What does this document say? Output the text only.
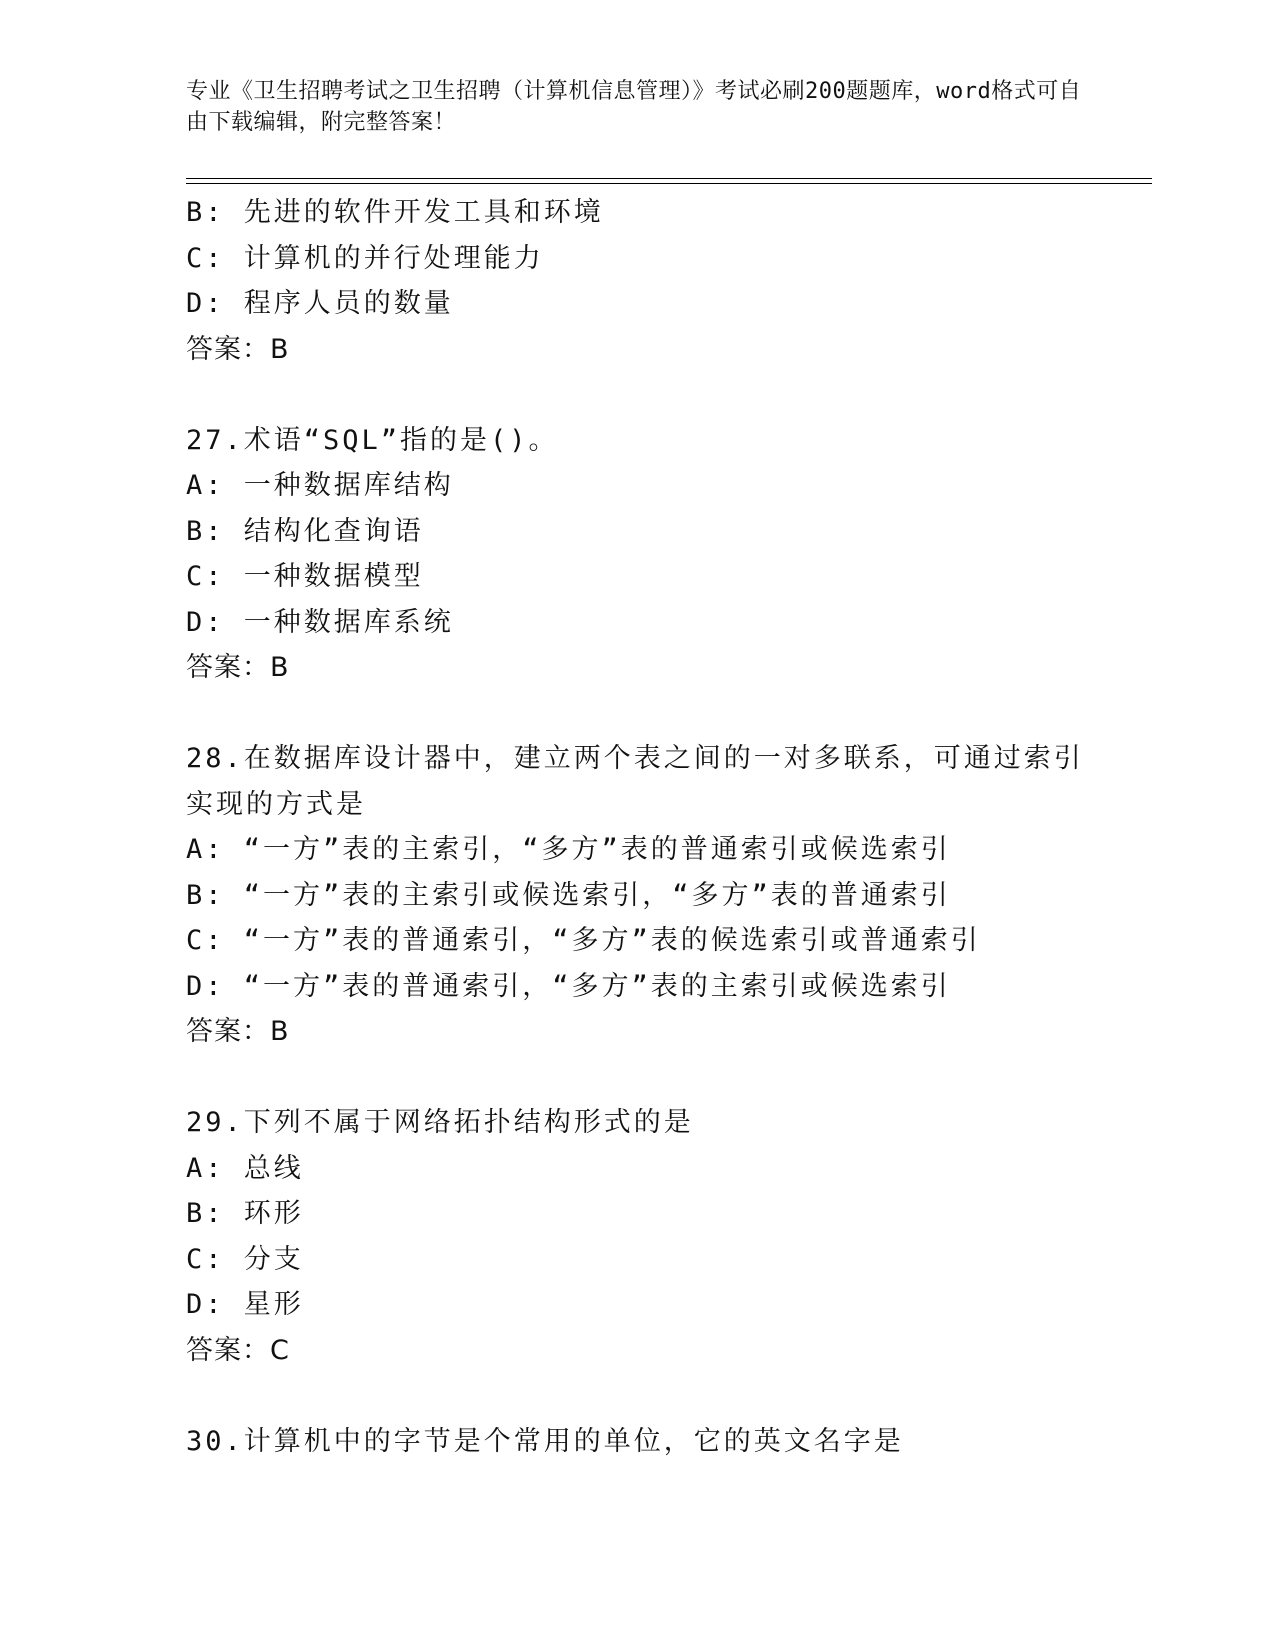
专业《卫生招聘考试之卫生招聘（计算机信息管理）》考试必刷200题题库，word格式可自由下载编辑，附完整答案！
B: 先进的软件开发工具和环境
C: 计算机的并行处理能力
D: 程序人员的数量
答案：B
27.术语“SQL”指的是()。
A: 一种数据库结构
B: 结构化查询语
C: 一种数据模型
D: 一种数据库系统
答案：B
28.在数据库设计器中，建立两个表之间的一对多联系，可通过索引实现的方式是
A: “一方”表的主索引，“多方”表的普通索引或候选索引
B: “一方”表的主索引或候选索引，“多方”表的普通索引
C: “一方”表的普通索引，“多方”表的候选索引或普通索引
D: “一方”表的普通索引，“多方”表的主索引或候选索引
答案：B
29.下列不属于网络拓扑结构形式的是
A: 总线
B: 环形
C: 分支
D: 星形
答案：C
30.计算机中的字节是个常用的单位，它的英文名字是
